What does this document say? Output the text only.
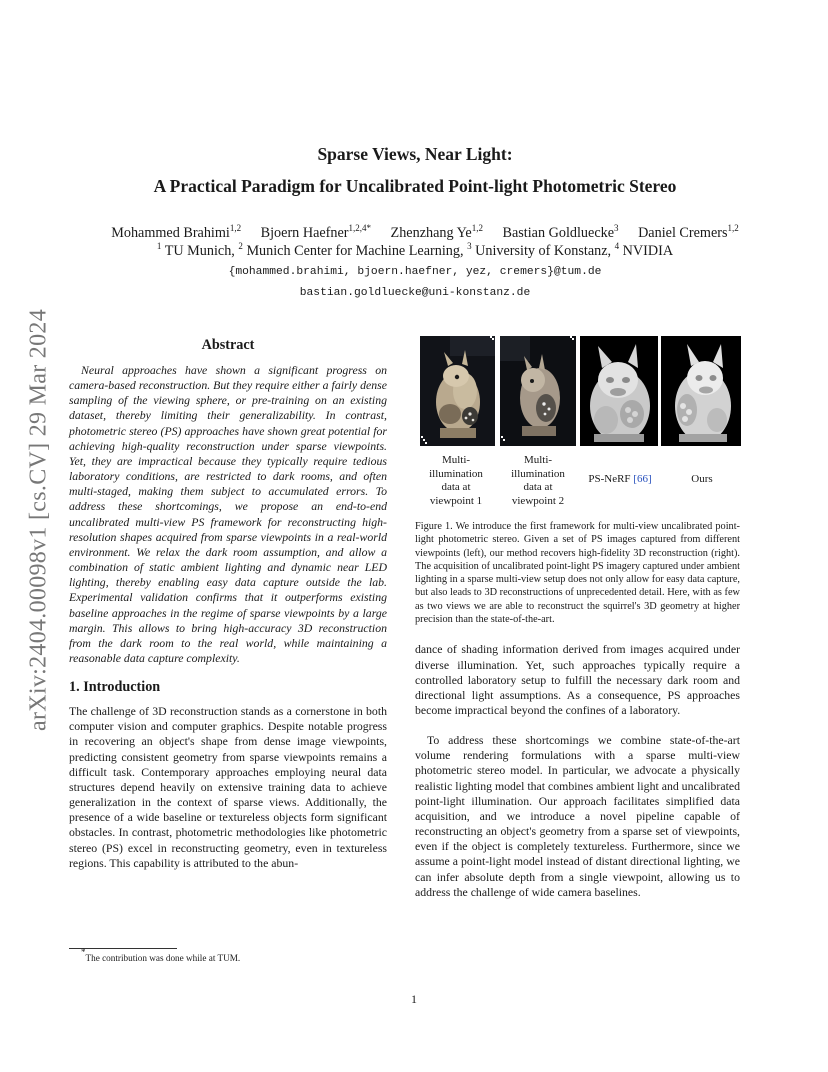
arXiv:2404.00098v1 [cs.CV] 29 Mar 2024
Sparse Views, Near Light:
A Practical Paradigm for Uncalibrated Point-light Photometric Stereo
Mohammed Brahimi$^{1,2}$ Bjoern Haefner$^{1,2,4*}$ Zhenzhang Ye$^{1,2}$ Bastian Goldluecke$^3$ Daniel Cremers$^{1,2}$
$^1$ TU Munich, $^2$ Munich Center for Machine Learning, $^3$ University of Konstanz, $^4$ NVIDIA
{mohammed.brahimi, bjoern.haefner, yez, cremers}@tum.de
bastian.goldluecke@uni-konstanz.de
Abstract

Neural approaches have shown a significant progress on camera-based reconstruction. But they require either a fairly dense sampling of the viewing sphere, or pre-training on an existing dataset, thereby limiting their generalizability. In contrast, photometric stereo (PS) approaches have shown great potential for achieving high-quality reconstruction under sparse viewpoints. Yet, they are impractical because they typically require tedious laboratory conditions, are restricted to dark rooms, and often multi-staged, making them subject to accumulated errors. To address these shortcomings, we propose an end-to-end uncalibrated multi-view PS framework for reconstructing high-resolution shapes acquired from sparse viewpoints in a real-world environment. We relax the dark room assumption, and allow a combination of static ambient lighting and dynamic near LED lighting, thereby enabling easy data capture outside the lab. Experimental validation confirms that it outperforms existing baseline approaches in the regime of sparse viewpoints by a large margin. This allows to bring high-accuracy 3D reconstruction from the dark room to the real world, while maintaining a reasonable data capture complexity.

1. Introduction

The challenge of 3D reconstruction stands as a cornerstone in both computer vision and computer graphics. Despite notable progress in recovering an object's shape from dense image viewpoints, predicting consistent geometry from sparse viewpoints remains a difficult task. Contemporary approaches employing neural data structures depend heavily on extensive training data to achieve generalization in the context of sparse views. Additionally, the presence of a wide baseline or textureless objects form significant obstacles. In contrast, photometric methodologies like photometric stereo (PS) excel in reconstructing geometry, even in textureless regions. This capability is attributed to the abun-

Multi-
illumination
data at
viewpoint 1
Multi-
illumination
data at
viewpoint 2
PS-NeRF [66]	Ours

Figure 1. We introduce the first framework for multi-view uncalibrated point-light photometric stereo. Given a set of PS images captured from different viewpoints (left), our method recovers high-fidelity 3D reconstruction (right). The acquisition of uncalibrated point-light PS imagery captured under ambient lighting in a sparse multi-view setup does not only allow for easy data capture, but also leads to 3D reconstructions of unprecedented detail. Here, with as few as two views we are able to reconstruct the squirrel's 3D geometry at higher precision than the state-of-the-art.

dance of shading information derived from images acquired under diverse illumination. Yet, such approaches typically require a controlled laboratory setup to fulfill the necessary dark room and directional light assumptions. As a consequence, PS approaches become impractical beyond the confines of a laboratory.

To address these shortcomings we combine state-of-the-art volume rendering formulations with a sparse multi-view photometric stereo model. In particular, we advocate a physically realistic lighting model that combines ambient light and uncalibrated point-light illumination. Our approach facilitates simplified data acquisition, and we introduce a novel pipeline capable of reconstructing an object's geometry from a sparse set of viewpoints, even if the object is completely textureless. Furthermore, since we assume a point-light model instead of distant directional lighting, we can infer absolute depth from a single viewpoint, allowing us to address the challenge of wide camera baselines.

*The contribution was done while at TUM.
1
